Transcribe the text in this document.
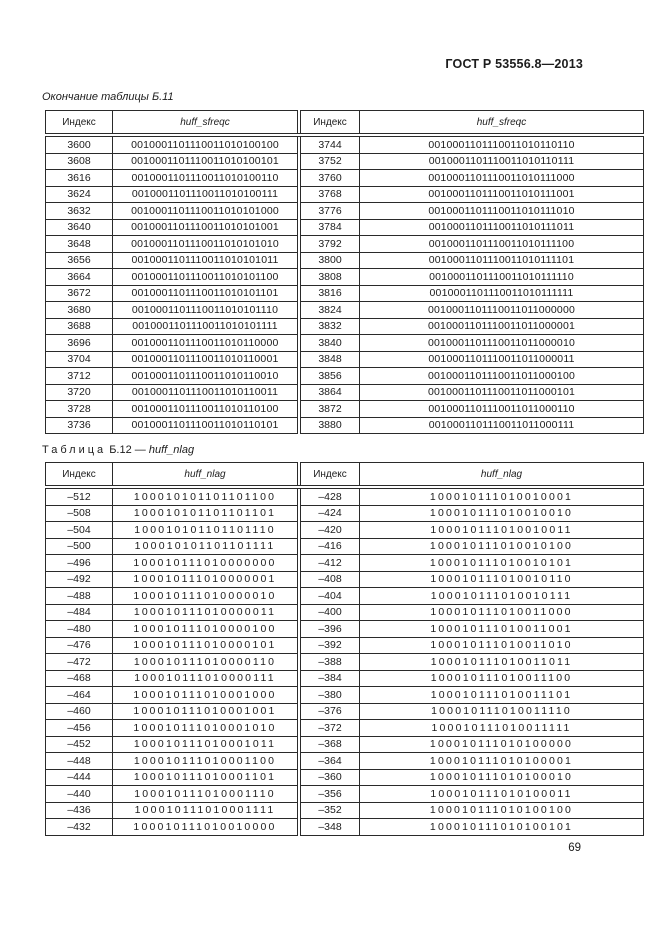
ГОСТ Р 53556.8—2013
Окончание таблицы Б.11
Индекс	huff_sfreqc	Индекс	huff_sfreqc
3600	0010001101110011010100100	3744	0010001101110011010110110
3608	0010001101110011010100101	3752	0010001101110011010110111
3616	0010001101110011010100110	3760	0010001101110011010111000
3624	0010001101110011010100111	3768	0010001101110011010111001
3632	0010001101110011010101000	3776	0010001101110011010111010
3640	0010001101110011010101001	3784	0010001101110011010111011
3648	0010001101110011010101010	3792	0010001101110011010111100
3656	0010001101110011010101011	3800	0010001101110011010111101
3664	0010001101110011010101100	3808	0010001101110011010111110
3672	0010001101110011010101101	3816	0010001101110011010111111
3680	0010001101110011010101110	3824	0010001101110011011000000
3688	0010001101110011010101111	3832	0010001101110011011000001
3696	0010001101110011010110000	3840	0010001101110011011000010
3704	0010001101110011010110001	3848	0010001101110011011000011
3712	0010001101110011010110010	3856	0010001101110011011000100
3720	0010001101110011010110011	3864	0010001101110011011000101
3728	0010001101110011010110100	3872	0010001101110011011000110
3736	0010001101110011010110101	3880	0010001101110011011000111
Таблица Б.12 — huff_nlag
Индекс	huff_nlag	Индекс	huff_nlag
–512	100010101101101100	–428	100010111010010001
–508	100010101101101101	–424	100010111010010010
–504	100010101101101110	–420	100010111010010011
–500	100010101101101111	–416	100010111010010100
–496	100010111010000000	–412	100010111010010101
–492	100010111010000001	–408	100010111010010110
–488	100010111010000010	–404	100010111010010111
–484	100010111010000011	–400	100010111010011000
–480	100010111010000100	–396	100010111010011001
–476	100010111010000101	–392	100010111010011010
–472	100010111010000110	–388	100010111010011011
–468	100010111010000111	–384	100010111010011100
–464	100010111010001000	–380	100010111010011101
–460	100010111010001001	–376	100010111010011110
–456	100010111010001010	–372	100010111010011111
–452	100010111010001011	–368	100010111010100000
–448	100010111010001100	–364	100010111010100001
–444	100010111010001101	–360	100010111010100010
–440	100010111010001110	–356	100010111010100011
–436	100010111010001111	–352	100010111010100100
–432	100010111010010000	–348	100010111010100101
69
